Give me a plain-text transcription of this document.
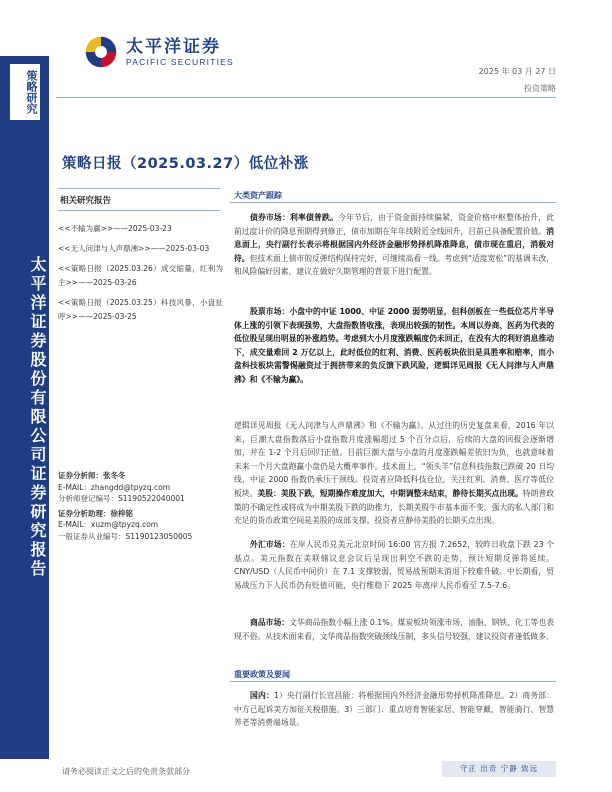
太平洋证券
PACIFIC SECURITIES
2025 年 03 月 27 日
投资策略
策略研究
太平洋证券股份有限公司证券研究报告
策略日报（2025.03.27）低位补涨
相关研究报告
<<不输为赢>>——2025-03-23
<<无人问津与人声鼎沸>>——2025-03-03
<<策略日报（2025.03.26）成交缩量，红利为主>>——2025-03-26
<<策略日报（2025.03.25）科技风暴，小盘扯呼>>——2025-03-25
证券分析师：张冬冬
E-MAIL：zhangdd@tpyzq.com
分析师登记编号：S1190522040001
证券分析助理：徐梓铭
E-MAIL：xuzm@tpyzq.com
一般证券从业编号：S1190123050005
大类资产跟踪
债券市场：利率债普跌。今年节后，由于资金面持续偏紧，资金价格中枢整体抬升，此前过度计价的降息预期得到修正，债市加期在年年线附近全线回升，目前已具备配置价值。消息面上，央行副行长表示将根据国内外经济金融形势择机降准降息，债市现在重启，消极对待。但技术面上债市的反弹结构保持完好，可继续高看一线。考虑到“适度宽松”的基调未改，和风险偏好因素，建议在做好久期管理的背景下进行配置。
股票市场：小盘中的中证 1000、中证 2000 弱势明显，但科创板在一些低位芯片半导体上涨的引领下表现强势，大盘指数皆收涨，表现出较强的韧性。本周以券商、医药为代表的低位股呈现出明显的补涨趋势。考虑到大小月度涨跌幅度仍未回正，在没有大的利好消息推动下，成交量难回 2 万亿以上，此时低位的红利、消费、医药板块依旧是具胜率和赔率，而小盘科技板块需警惕融资过于拥挤带来的负反馈下跌风险，逻辑详见周报《无人问津与人声鼎沸》和《不输为赢》。
逻辑详见周报《无人问津与人声鼎沸》和《不输为赢》。从过往的历史复盘来看，2016 年以来，巨潮大盘指数落后小盘指数月度涨幅超过 5 个百分点后，后续的大盘的回报会逐渐增加，并在 1-2 个月后回归正值。目前巨潮大盘与小盘的月度涨跌幅差依旧为负，也就意味着未来一个月大盘跑赢小盘仍是大概率事件。技术面上，“领头羊”信息科技指数已跌破 20 日均线，中证 2000 指数仍承压于颈线。投资者应降低科技仓位，关注红利、消费、医疗等低位板块。美股：美股下跌，短期操作难度加大，中期调整未结束，静待长期买点出现。特朗普政策的不确定性或将成为中期美股下跌的助推力，长期美股牛市基本面不变，强大的私人部门和充足的货币政策空间是美股的成部支撑。投资者应静待美股的长期买点出现。
外汇市场：在岸人民币兑美元北京时间 16:00 官方报 7.2652，较昨日收盘下跌 23 个基点。美元指数在美联储议息会议后呈现出利空不跌的走势，预计短期反弹将延续。CNY/USD（人民币中间价）在 7.1 支撑较弱，贸易战预期未消退下较难升破。中长期看，贸易战压力下人民币仍有贬值可能，央行维稳下 2025 年离岸人民币看至 7.5-7.6。
商品市场：文华商品指数小幅上涨 0.1%。煤炭板块领涨市场，油脂、钢铁、化工等也表现不俗。从技术面来看，文华商品指数突破颈线压制，多头信号较强，建议投资者逢低做多。
重要政策及要闻
国内：1）央行副行长宣昌能：将根据国内外经济金融形势择机降准降息。2）商务部：中方已起诉美方加征关税措施。3）三部门：重点培育智能家居、智能穿戴、智能骑行、智慧养老等消费端场景。
请务必阅读正文之后的免责条款部分	守正 出奇 宁静 致远
